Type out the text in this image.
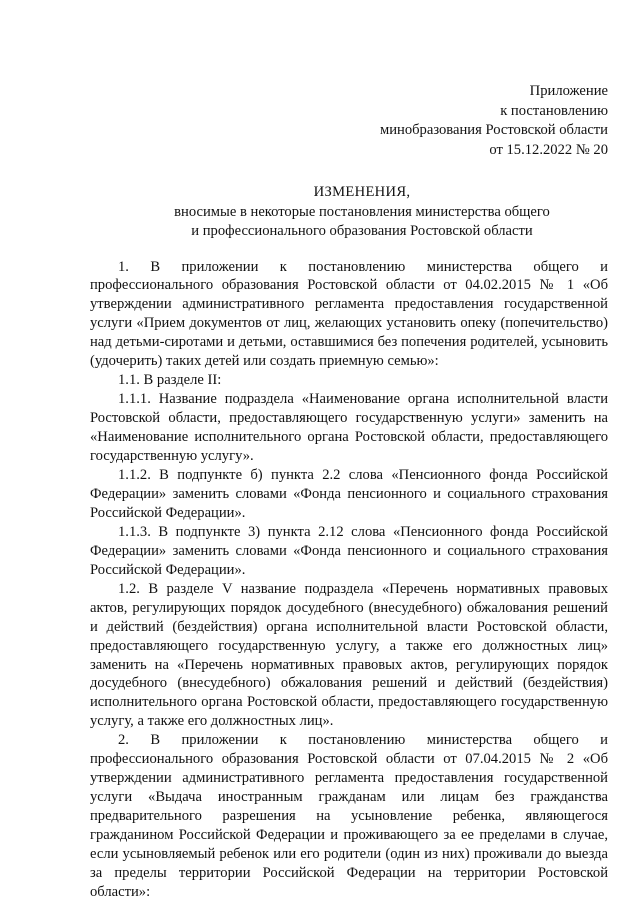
Приложение
к постановлению
минобразования Ростовской области
от 15.12.2022 № 20
ИЗМЕНЕНИЯ,
вносимые в некоторые постановления министерства общего
и профессионального образования Ростовской области

1. В приложении к постановлению министерства общего и профессионального образования Ростовской области от 04.02.2015 № 1 «Об утверждении административного регламента предоставления государственной услуги «Прием документов от лиц, желающих установить опеку (попечительство) над детьми-сиротами и детьми, оставшимися без попечения родителей, усыновить (удочерить) таких детей или создать приемную семью»:

1.1. В разделе II:

1.1.1. Название подраздела «Наименование органа исполнительной власти Ростовской области, предоставляющего государственную услуги» заменить на «Наименование исполнительного органа Ростовской области, предоставляющего государственную услугу».

1.1.2. В подпункте б) пункта 2.2 слова «Пенсионного фонда Российской Федерации» заменить словами «Фонда пенсионного и социального страхования Российской Федерации».

1.1.3. В подпункте 3) пункта 2.12 слова «Пенсионного фонда Российской Федерации» заменить словами «Фонда пенсионного и социального страхования Российской Федерации».

1.2. В разделе V название подраздела «Перечень нормативных правовых актов, регулирующих порядок досудебного (внесудебного) обжалования решений и действий (бездействия) органа исполнительной власти Ростовской области, предоставляющего государственную услугу, а также его должностных лиц» заменить на «Перечень нормативных правовых актов, регулирующих порядок досудебного (внесудебного) обжалования решений и действий (бездействия) исполнительного органа Ростовской области, предоставляющего государственную услугу, а также его должностных лиц».

2. В приложении к постановлению министерства общего и профессионального образования Ростовской области от 07.04.2015 № 2 «Об утверждении административного регламента предоставления государственной услуги «Выдача иностранным гражданам или лицам без гражданства предварительного разрешения на усыновление ребенка, являющегося гражданином Российской Федерации и проживающего за ее пределами в случае, если усыновляемый ребенок или его родители (один из них) проживали до выезда за пределы территории Российской Федерации на территории Ростовской области»:
